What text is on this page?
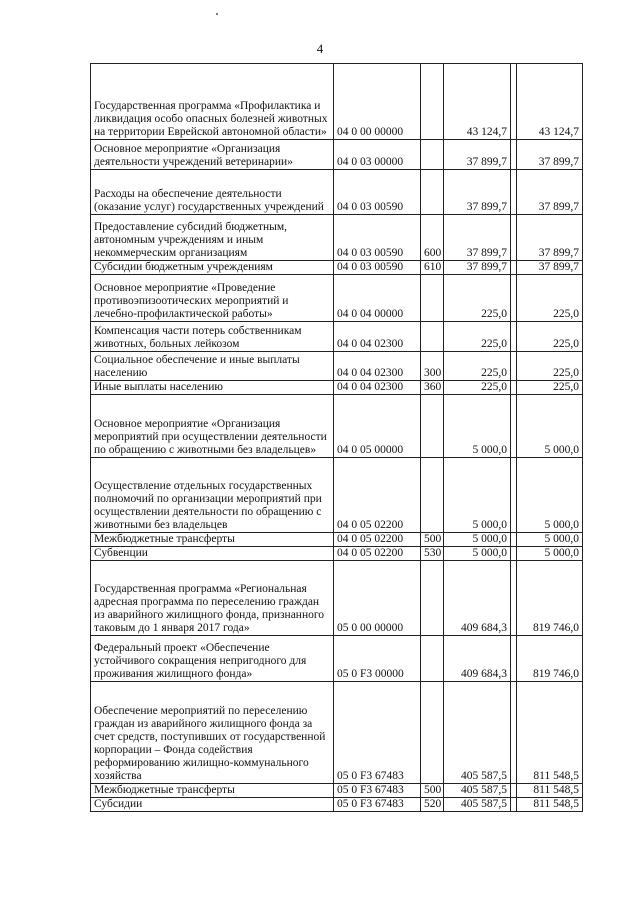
4
Государственная программа «Профилактика и ликвидация особо опасных болезней животных на территории Еврейской автономной области»	04 0 00 00000		43 124,7		43 124,7
Основное мероприятие «Организация деятельности учреждений ветеринарии»	04 0 03 00000		37 899,7		37 899,7
Расходы на обеспечение деятельности (оказание услуг) государственных учреждений	04 0 03 00590		37 899,7		37 899,7
Предоставление субсидий бюджетным, автономным учреждениям и иным некоммерческим организациям	04 0 03 00590	600	37 899,7		37 899,7
Субсидии бюджетным учреждениям	04 0 03 00590	610	37 899,7		37 899,7
Основное мероприятие «Проведение противоэпизоотических мероприятий и лечебно-профилактической работы»	04 0 04 00000		225,0		225,0
Компенсация части потерь собственникам животных, больных лейкозом	04 0 04 02300		225,0		225,0
Социальное обеспечение и иные выплаты населению	04 0 04 02300	300	225,0		225,0
Иные выплаты населению	04 0 04 02300	360	225,0		225,0
Основное мероприятие «Организация мероприятий при осуществлении деятельности по обращению с животными без владельцев»	04 0 05 00000		5 000,0		5 000,0
Осуществление отдельных государственных полномочий по организации мероприятий при осуществлении деятельности по обращению с животными без владельцев	04 0 05 02200		5 000,0		5 000,0
Межбюджетные трансферты	04 0 05 02200	500	5 000,0		5 000,0
Субвенции	04 0 05 02200	530	5 000,0		5 000,0
Государственная программа «Региональная адресная программа по переселению граждан из аварийного жилищного фонда, признанного таковым до 1 января 2017 года»	05 0 00 00000		409 684,3		819 746,0
Федеральный проект «Обеспечение устойчивого сокращения непригодного для проживания жилищного фонда»	05 0 F3 00000		409 684,3		819 746,0
Обеспечение мероприятий по переселению граждан из аварийного жилищного фонда за счет средств, поступивших от государственной корпорации – Фонда содействия реформированию жилищно-коммунального хозяйства	05 0 F3 67483		405 587,5		811 548,5
Межбюджетные трансферты	05 0 F3 67483	500	405 587,5		811 548,5
Субсидии	05 0 F3 67483	520	405 587,5		811 548,5
